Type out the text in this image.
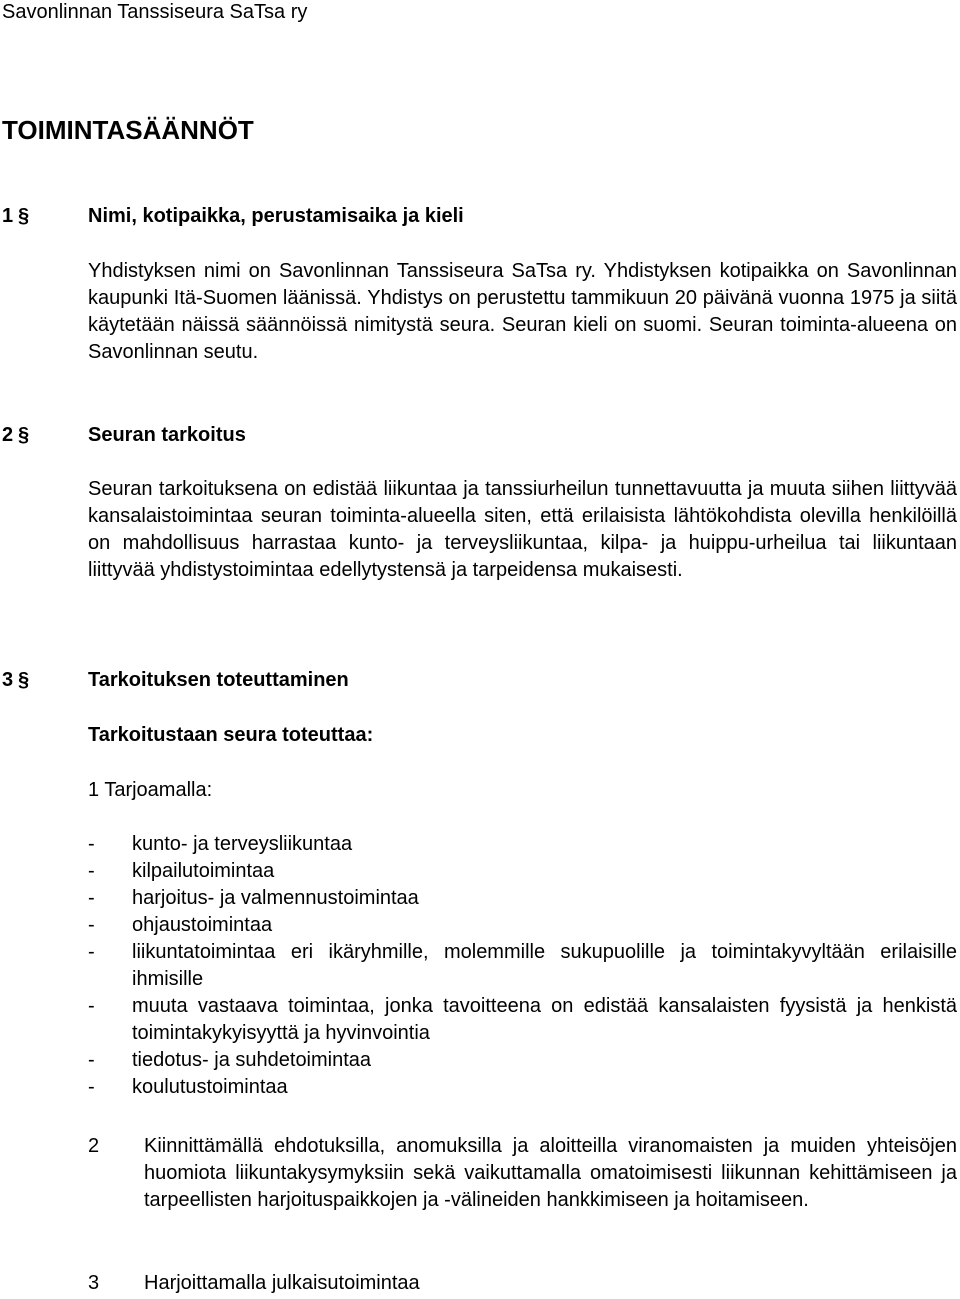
Savonlinnan Tanssiseura SaTsa ry
TOIMINTASÄÄNNÖT
1 §	Nimi, kotipaikka, perustamisaika ja kieli

Yhdistyksen nimi on Savonlinnan Tanssiseura SaTsa ry. Yhdistyksen kotipaikka on Savonlinnan kaupunki Itä-Suomen läänissä. Yhdistys on perustettu tammikuun 20 päivänä vuonna 1975 ja siitä käytetään näissä säännöissä nimitystä seura. Seuran kieli on suomi. Seuran toiminta-alueena on Savonlinnan seutu.

2 §	Seuran tarkoitus

Seuran tarkoituksena on edistää liikuntaa ja tanssiurheilun tunnettavuutta ja muuta siihen liittyvää kansalaistoimintaa seuran toiminta-alueella siten, että erilaisista lähtökohdista olevilla henkilöillä on mahdollisuus harrastaa kunto- ja terveysliikuntaa, kilpa- ja huippu-urheilua tai liikuntaan liittyvää yhdistystoimintaa edellytystensä ja tarpeidensa mukaisesti.

3 §	Tarkoituksen toteuttaminen
Tarkoitustaan seura toteuttaa:
1 Tarjoamalla:
-	kunto- ja terveysliikuntaa
-	kilpailutoimintaa
-	harjoitus- ja valmennustoimintaa
-	ohjaustoimintaa
-	liikuntatoimintaa eri ikäryhmille, molemmille sukupuolille ja toimintakyvyltään erilaisille ihmisille
-	muuta vastaava toimintaa, jonka tavoitteena on edistää kansalaisten fyysistä ja henkistä toimintakykyisyyttä ja hyvinvointia
-	tiedotus- ja suhdetoimintaa
-	koulutustoimintaa
2	Kiinnittämällä ehdotuksilla, anomuksilla ja aloitteilla viranomaisten ja muiden yhteisöjen huomiota liikuntakysymyksiin sekä vaikuttamalla omatoimisesti liikunnan kehittämiseen ja tarpeellisten harjoituspaikkojen ja -välineiden hankkimiseen ja hoitamiseen.
3	Harjoittamalla julkaisutoimintaa
